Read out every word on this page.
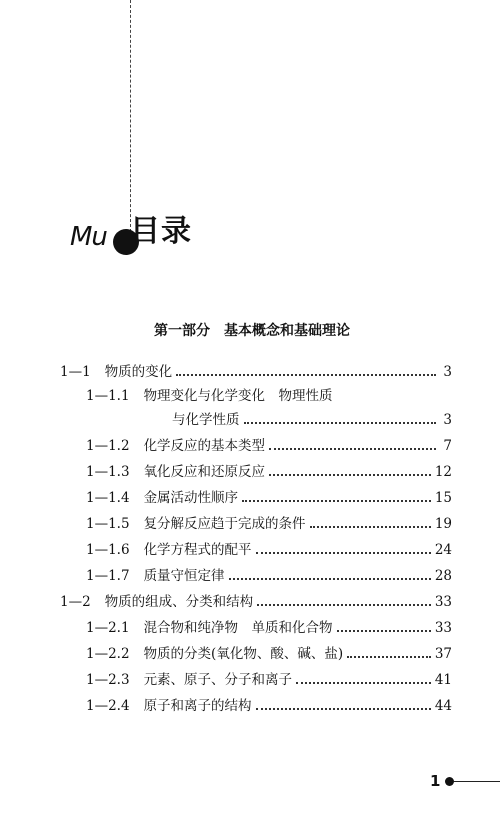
Mu 目录
第一部分　基本概念和基础理论
1—1 物质的变化	3
1—1.1 物理变化与化学变化　物理性质
与化学性质	3
1—1.2 化学反应的基本类型	7
1—1.3 氧化反应和还原反应	12
1—1.4 金属活动性顺序	15
1—1.5 复分解反应趋于完成的条件	19
1—1.6 化学方程式的配平	24
1—1.7 质量守恒定律	28
1—2 物质的组成、分类和结构	33
1—2.1 混合物和纯净物　单质和化合物	33
1—2.2 物质的分类(氧化物、酸、碱、盐)	37
1—2.3 元素、原子、分子和离子	41
1—2.4 原子和离子的结构	44
1
